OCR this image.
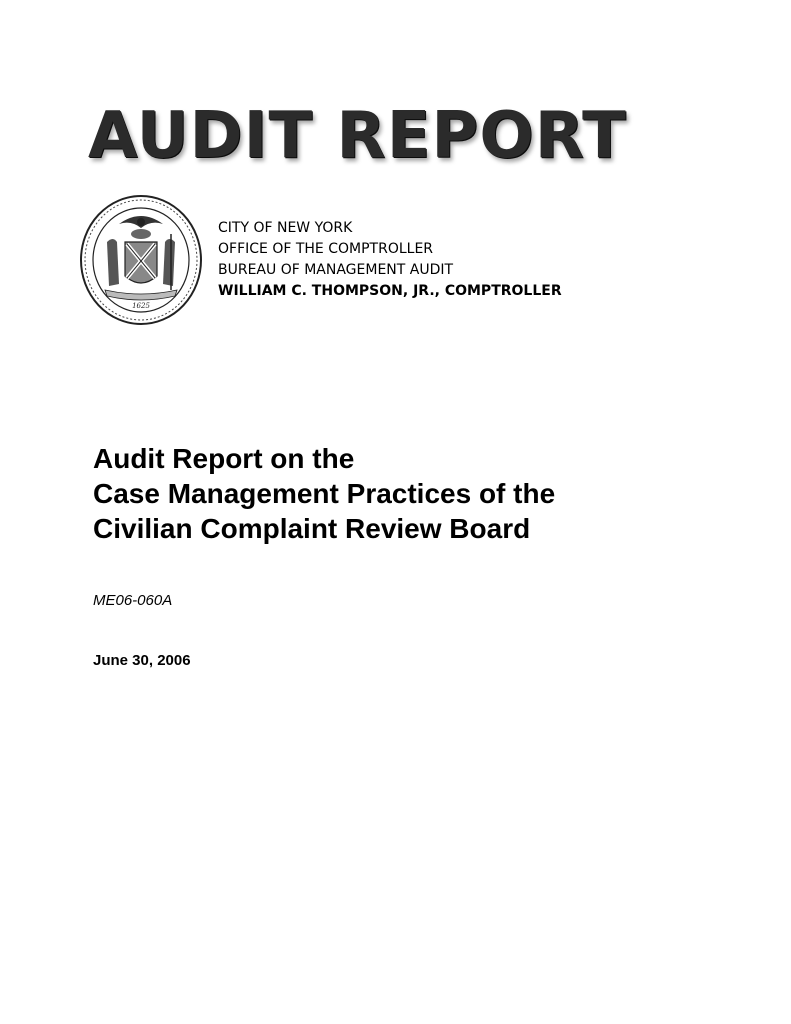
AUDIT REPORT
1625
CITY OF NEW YORK
OFFICE OF THE COMPTROLLER
BUREAU OF MANAGEMENT AUDIT
WILLIAM C. THOMPSON, JR., COMPTROLLER
Audit Report on the
Case Management Practices of the
Civilian Complaint Review Board
ME06-060A
June 30, 2006
